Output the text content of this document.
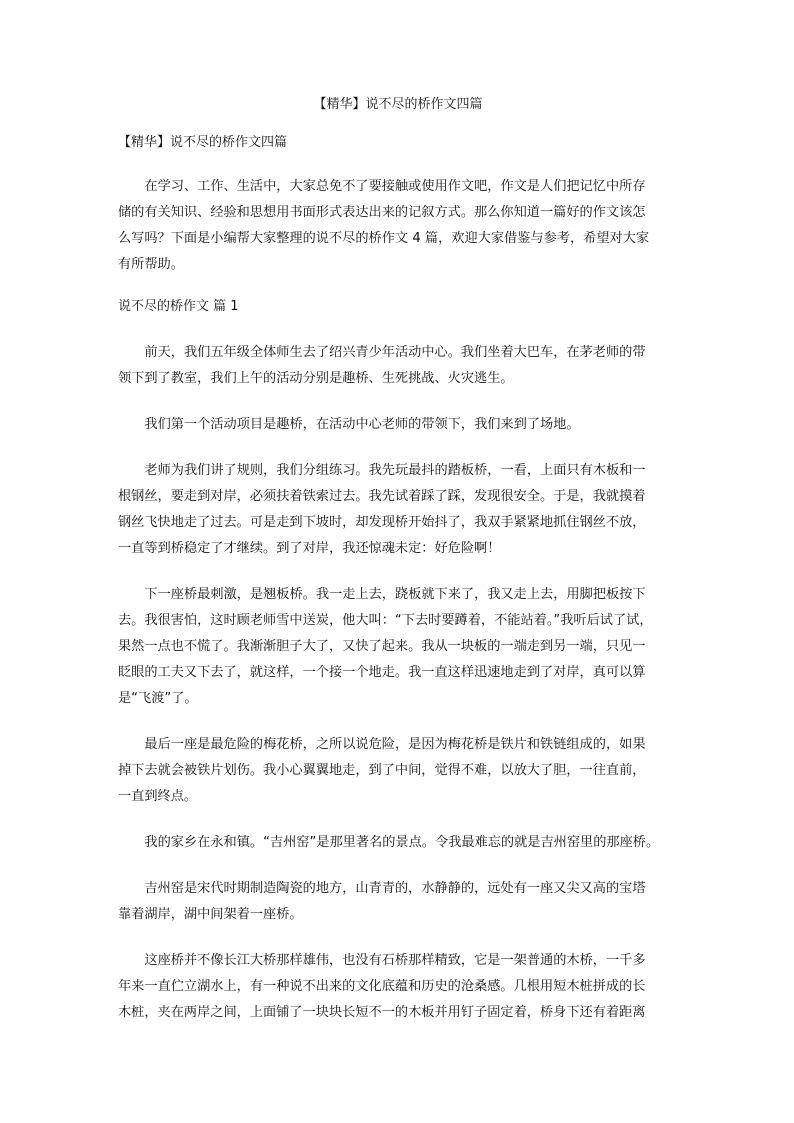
【精华】说不尽的桥作文四篇
【精华】说不尽的桥作文四篇
在学习、工作、生活中，大家总免不了要接触或使用作文吧，作文是人们把记忆中所存
储的有关知识、经验和思想用书面形式表达出来的记叙方式。那么你知道一篇好的作文该怎
么写吗？下面是小编帮大家整理的说不尽的桥作文 4 篇，欢迎大家借鉴与参考，希望对大家
有所帮助。
说不尽的桥作文 篇 1
前天，我们五年级全体师生去了绍兴青少年活动中心。我们坐着大巴车，在茅老师的带
领下到了教室，我们上午的活动分别是趣桥、生死挑战、火灾逃生。
我们第一个活动项目是趣桥，在活动中心老师的带领下，我们来到了场地。
老师为我们讲了规则，我们分组练习。我先玩最抖的踏板桥，一看，上面只有木板和一
根钢丝，要走到对岸，必须扶着铁索过去。我先试着踩了踩，发现很安全。于是，我就摸着
钢丝飞快地走了过去。可是走到下坡时，却发现桥开始抖了，我双手紧紧地抓住钢丝不放，
一直等到桥稳定了才继续。到了对岸，我还惊魂未定：好危险啊！
下一座桥最刺激，是翘板桥。我一走上去，跷板就下来了，我又走上去，用脚把板按下
去。我很害怕，这时顾老师雪中送炭，他大叫：“下去时要蹲着，不能站着。”我听后试了试，
果然一点也不慌了。我渐渐胆子大了，又快了起来。我从一块板的一端走到另一端，只见一
眨眼的工夫又下去了，就这样，一个接一个地走。我一直这样迅速地走到了对岸，真可以算
是“飞渡”了。
最后一座是最危险的梅花桥，之所以说危险，是因为梅花桥是铁片和铁链组成的，如果
掉下去就会被铁片划伤。我小心翼翼地走，到了中间，觉得不难，以放大了胆，一往直前，
一直到终点。
我的家乡在永和镇。“吉州窑”是那里著名的景点。令我最难忘的就是吉州窑里的那座桥。
吉州窑是宋代时期制造陶瓷的地方，山青青的，水静静的，远处有一座又尖又高的宝塔
靠着湖岸，湖中间架着一座桥。
这座桥并不像长江大桥那样雄伟，也没有石桥那样精致，它是一架普通的木桥，一千多
年来一直伫立湖水上，有一种说不出来的文化底蕴和历史的沧桑感。几根用短木桩拼成的长
木桩，夹在两岸之间，上面铺了一块块长短不一的木板并用钉子固定着，桥身下还有着距离
